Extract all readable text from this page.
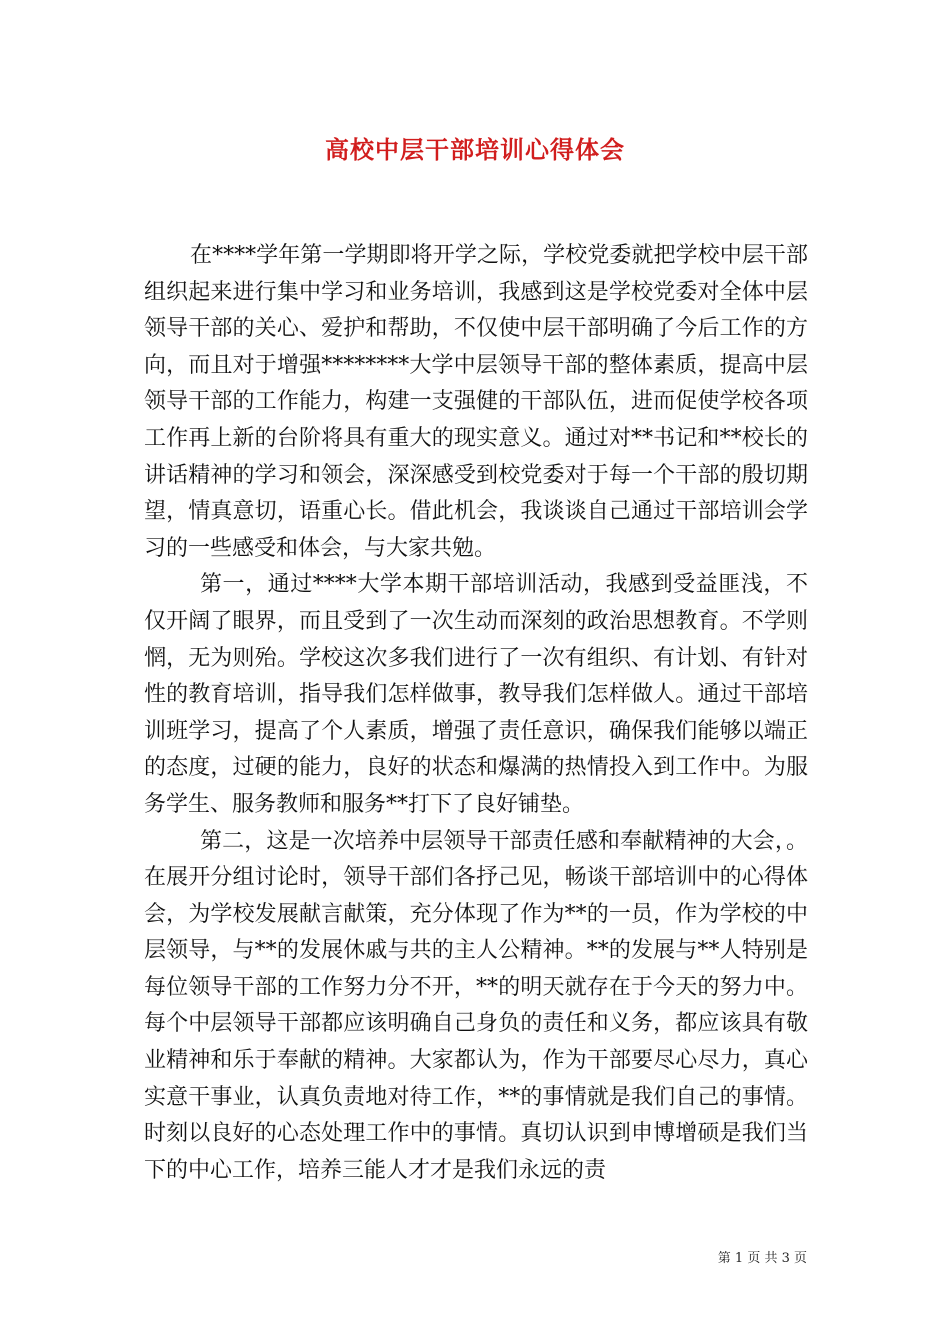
高校中层干部培训心得体会

在****学年第一学期即将开学之际，学校党委就把学校中层干部组织起来进行集中学习和业务培训，我感到这是学校党委对全体中层领导干部的关心、爱护和帮助，不仅使中层干部明确了今后工作的方向，而且对于增强********大学中层领导干部的整体素质，提高中层领导干部的工作能力，构建一支强健的干部队伍，进而促使学校各项工作再上新的台阶将具有重大的现实意义。通过对**书记和**校长的讲话精神的学习和领会，深深感受到校党委对于每一个干部的殷切期望，情真意切，语重心长。借此机会，我谈谈自己通过干部培训会学习的一些感受和体会，与大家共勉。

第一，通过****大学本期干部培训活动，我感到受益匪浅，不仅开阔了眼界，而且受到了一次生动而深刻的政治思想教育。不学则惘，无为则殆。学校这次多我们进行了一次有组织、有计划、有针对性的教育培训，指导我们怎样做事，教导我们怎样做人。通过干部培训班学习，提高了个人素质，增强了责任意识，确保我们能够以端正的态度，过硬的能力，良好的状态和爆满的热情投入到工作中。为服务学生、服务教师和服务**打下了良好铺垫。

第二，这是一次培养中层领导干部责任感和奉献精神的大会，。在展开分组讨论时，领导干部们各抒己见，畅谈干部培训中的心得体会，为学校发展献言献策，充分体现了作为**的一员，作为学校的中层领导，与**的发展休戚与共的主人公精神。**的发展与**人特别是每位领导干部的工作努力分不开，**的明天就存在于今天的努力中。每个中层领导干部都应该明确自己身负的责任和义务，都应该具有敬业精神和乐于奉献的精神。大家都认为，作为干部要尽心尽力，真心实意干事业，认真负责地对待工作，**的事情就是我们自己的事情。时刻以良好的心态处理工作中的事情。真切认识到申博增硕是我们当下的中心工作，培养三能人才才是我们永远的责

第 1 页 共 3 页
